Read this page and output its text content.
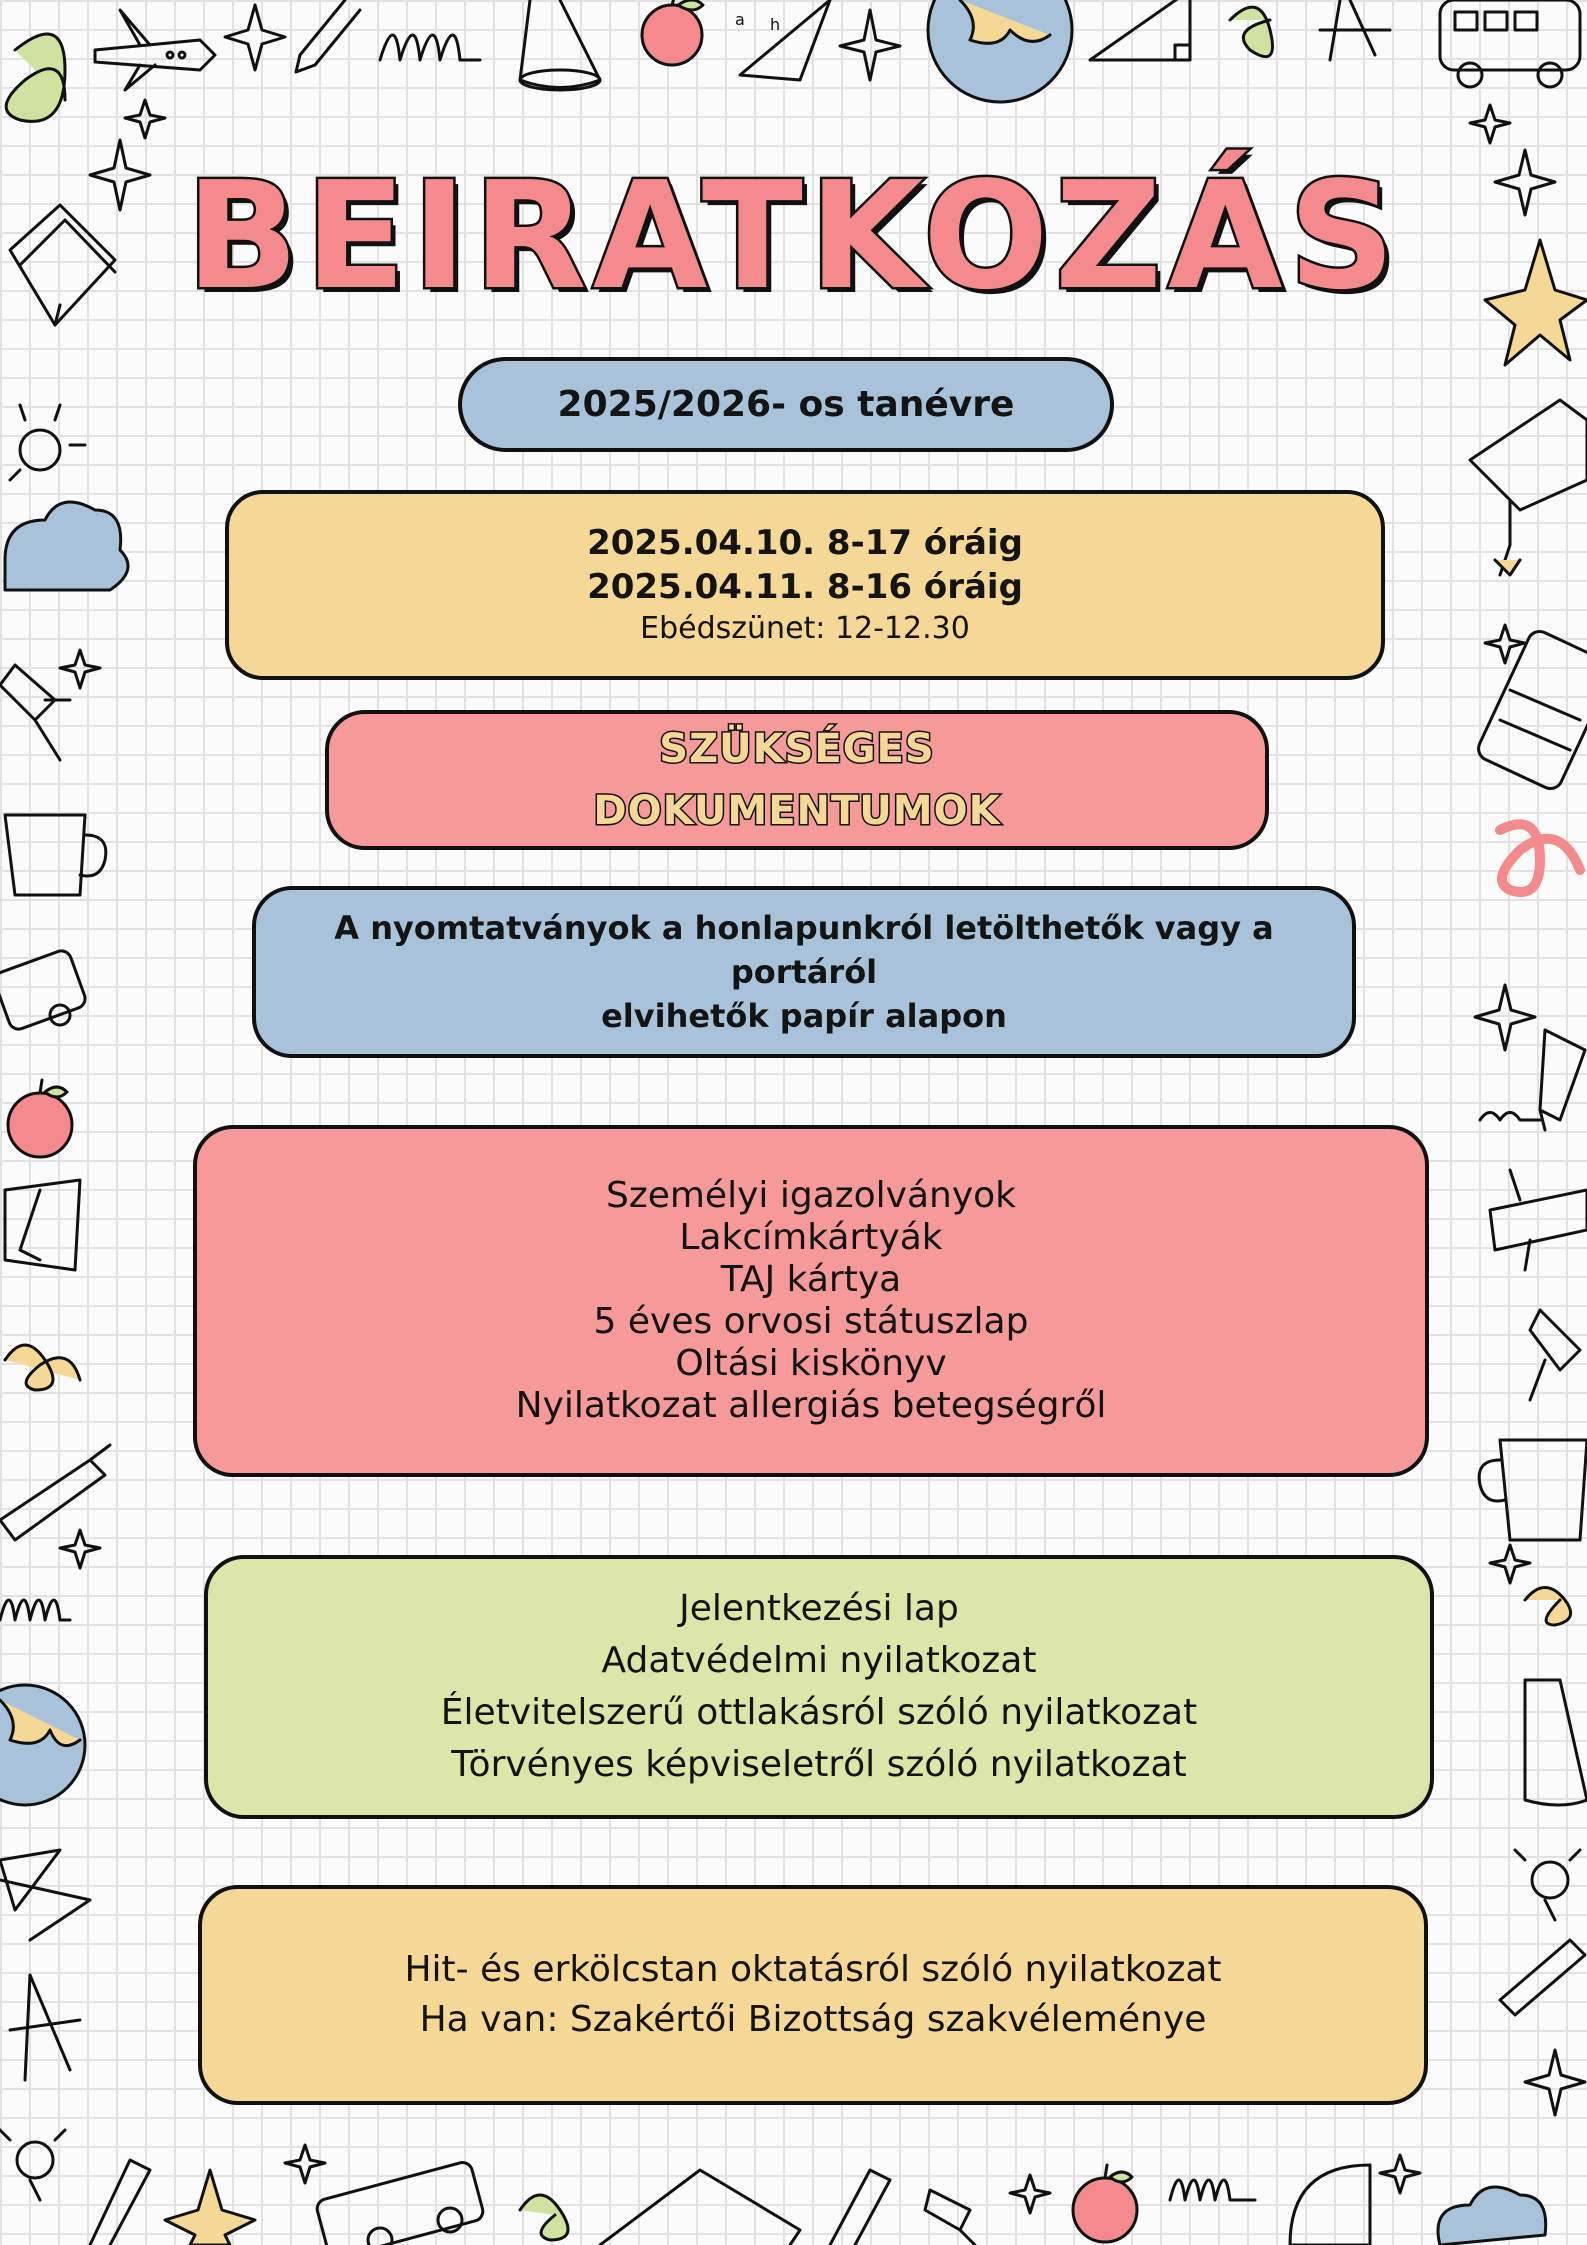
a h
BEIRATKOZÁS
2025/2026- os tanévre
2025.04.10. 8-17 óráig
2025.04.11. 8-16 óráig
Ebédszünet: 12-12.30
SZÜKSÉGES
DOKUMENTUMOK
A nyomtatványok a honlapunkról letölthetők vagy a portáról
elvihetők papír alapon
Személyi igazolványok
Lakcímkártyák
TAJ kártya
5 éves orvosi státuszlap
Oltási kiskönyv
Nyilatkozat allergiás betegségről
Jelentkezési lap
Adatvédelmi nyilatkozat
Életvitelszerű ottlakásról szóló nyilatkozat
Törvényes képviseletről szóló nyilatkozat
Hit- és erkölcstan oktatásról szóló nyilatkozat
Ha van: Szakértői Bizottság szakvéleménye
